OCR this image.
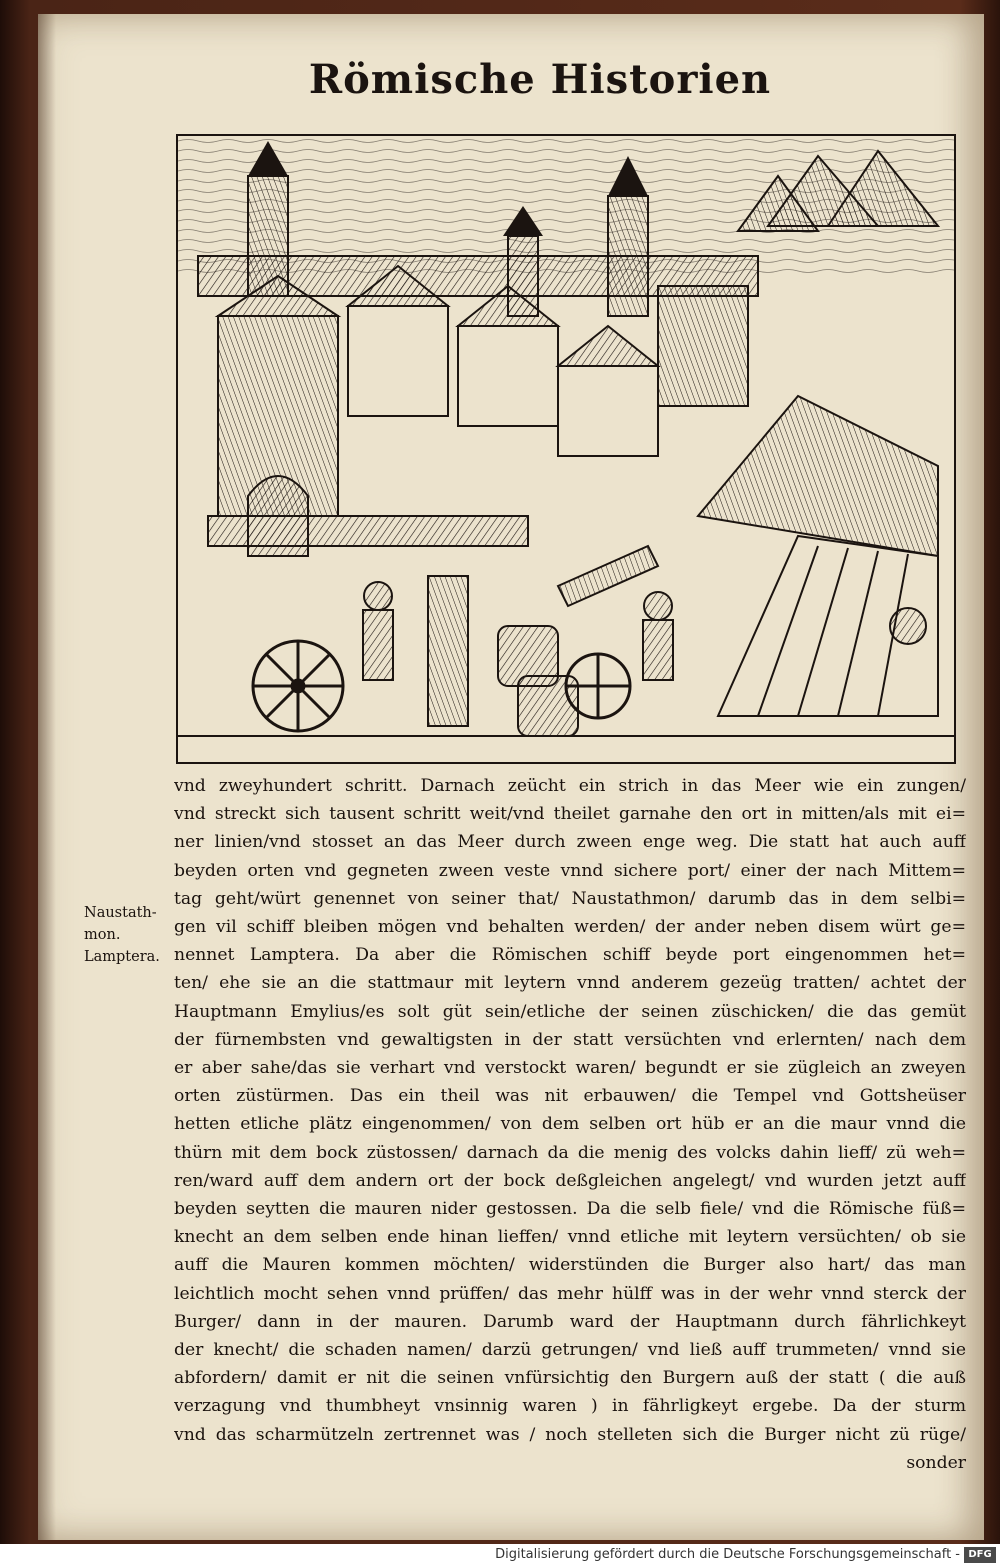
Römische Historien
Naustath-
mon.
Lamptera.
vnd zweyhundert schritt. Darnach zeücht ein strich in das Meer wie ein zungen/
vnd streckt sich tausent schritt weit/vnd theilet garnahe den ort in mitten/als mit ei=
ner linien/vnd stosset an das Meer durch zween enge weg. Die statt hat auch auff
beyden orten vnd gegneten zween veste vnnd sichere port/ einer der nach Mittem=
tag geht/würt genennet von seiner that/ Naustathmon/ darumb das in dem selbi=
gen vil schiff bleiben mögen vnd behalten werden/ der ander neben disem würt ge=
nennet Lamptera. Da aber die Römischen schiff beyde port eingenommen het=
ten/ ehe sie an die stattmaur mit leytern vnnd anderem gezeüg tratten/ achtet der
Hauptmann Emylius/es solt güt sein/etliche der seinen züschicken/ die das gemüt
der fürnembsten vnd gewaltigsten in der statt versüchten vnd erlernten/ nach dem
er aber sahe/das sie verhart vnd verstockt waren/ begundt er sie zügleich an zweyen
orten züstürmen. Das ein theil was nit erbauwen/ die Tempel vnd Gottsheüser
hetten etliche plätz eingenommen/ von dem selben ort hüb er an die maur vnnd die
thürn mit dem bock züstossen/ darnach da die menig des volcks dahin lieff/ zü weh=
ren/ward auff dem andern ort der bock deßgleichen angelegt/ vnd wurden jetzt auff
beyden seytten die mauren nider gestossen. Da die selb fiele/ vnd die Römische füß=
knecht an dem selben ende hinan lieffen/ vnnd etliche mit leytern versüchten/ ob sie
auff die Mauren kommen möchten/ widerstünden die Burger also hart/ das man
leichtlich mocht sehen vnnd prüffen/ das mehr hülff was in der wehr vnnd sterck der
Burger/ dann in der mauren. Darumb ward der Hauptmann durch fährlichkeyt
der knecht/ die schaden namen/ darzü getrungen/ vnd ließ auff trummeten/ vnnd sie
abfordern/ damit er nit die seinen vnfürsichtig den Burgern auß der statt ( die auß
verzagung vnd thumbheyt vnsinnig waren ) in fährligkeyt ergebe. Da der sturm
vnd das scharmützeln zertrennet was / noch stelleten sich die Burger nicht zü rüge/
sonder
Digitalisierung gefördert durch die Deutsche Forschungsgemeinschaft - DFG
